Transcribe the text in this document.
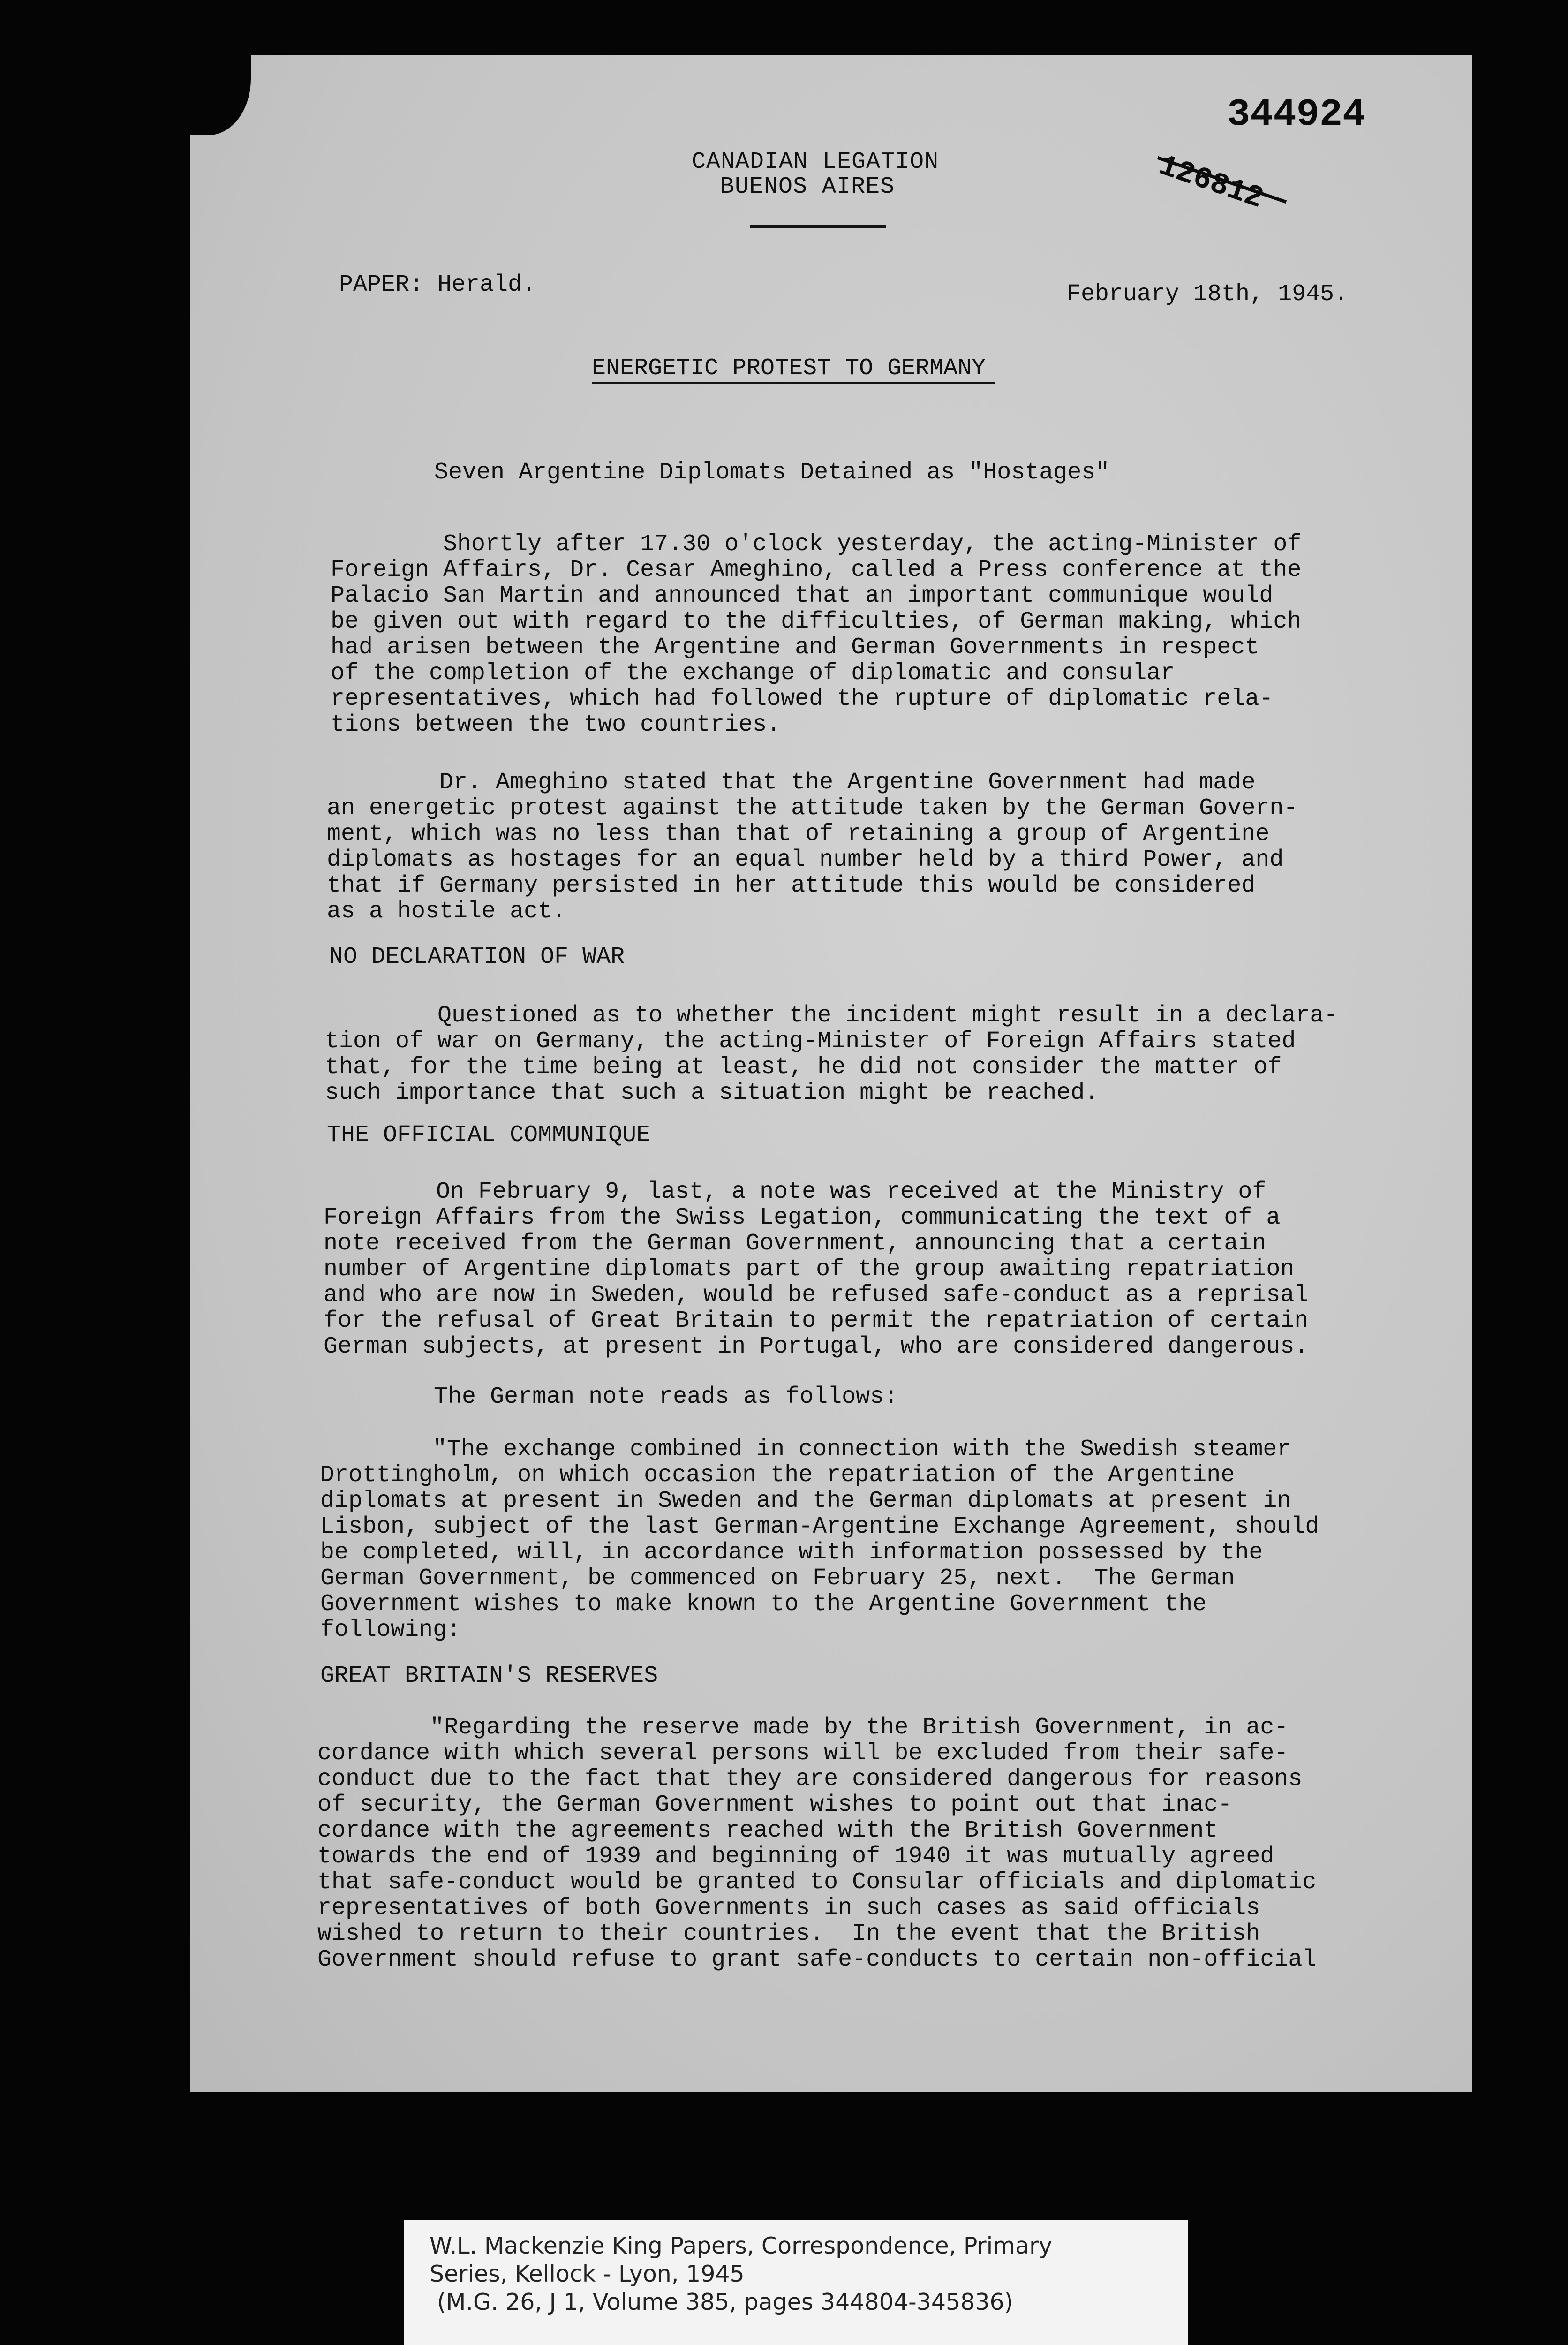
344924
126812
CANADIAN LEGATION
BUENOS AIRES
PAPER: Herald.	February 18th, 1945.
ENERGETIC PROTEST TO GERMANY
Seven Argentine Diplomats Detained as "Hostages"
Shortly after 17.30 o'clock yesterday, the acting-Minister of
Foreign Affairs, Dr. Cesar Ameghino, called a Press conference at the
Palacio San Martin and announced that an important communique would
be given out with regard to the difficulties, of German making, which
had arisen between the Argentine and German Governments in respect
of the completion of the exchange of diplomatic and consular
representatives, which had followed the rupture of diplomatic rela-
tions between the two countries.
Dr. Ameghino stated that the Argentine Government had made
an energetic protest against the attitude taken by the German Govern-
ment, which was no less than that of retaining a group of Argentine
diplomats as hostages for an equal number held by a third Power, and
that if Germany persisted in her attitude this would be considered
as a hostile act.
NO DECLARATION OF WAR
Questioned as to whether the incident might result in a declara-
tion of war on Germany, the acting-Minister of Foreign Affairs stated
that, for the time being at least, he did not consider the matter of
such importance that such a situation might be reached.
THE OFFICIAL COMMUNIQUE
On February 9, last, a note was received at the Ministry of
Foreign Affairs from the Swiss Legation, communicating the text of a
note received from the German Government, announcing that a certain
number of Argentine diplomats part of the group awaiting repatriation
and who are now in Sweden, would be refused safe-conduct as a reprisal
for the refusal of Great Britain to permit the repatriation of certain
German subjects, at present in Portugal, who are considered dangerous.
The German note reads as follows:
"The exchange combined in connection with the Swedish steamer
Drottingholm, on which occasion the repatriation of the Argentine
diplomats at present in Sweden and the German diplomats at present in
Lisbon, subject of the last German-Argentine Exchange Agreement, should
be completed, will, in accordance with information possessed by the
German Government, be commenced on February 25, next.  The German
Government wishes to make known to the Argentine Government the
following:
GREAT BRITAIN'S RESERVES
"Regarding the reserve made by the British Government, in ac-
cordance with which several persons will be excluded from their safe-
conduct due to the fact that they are considered dangerous for reasons
of security, the German Government wishes to point out that inac-
cordance with the agreements reached with the British Government
towards the end of 1939 and beginning of 1940 it was mutually agreed
that safe-conduct would be granted to Consular officials and diplomatic
representatives of both Governments in such cases as said officials
wished to return to their countries.  In the event that the British
Government should refuse to grant safe-conducts to certain non-official
W.L. Mackenzie King Papers, Correspondence, Primary
Series, Kellock - Lyon, 1945
(M.G. 26, J 1, Volume 385, pages 344804-345836)
